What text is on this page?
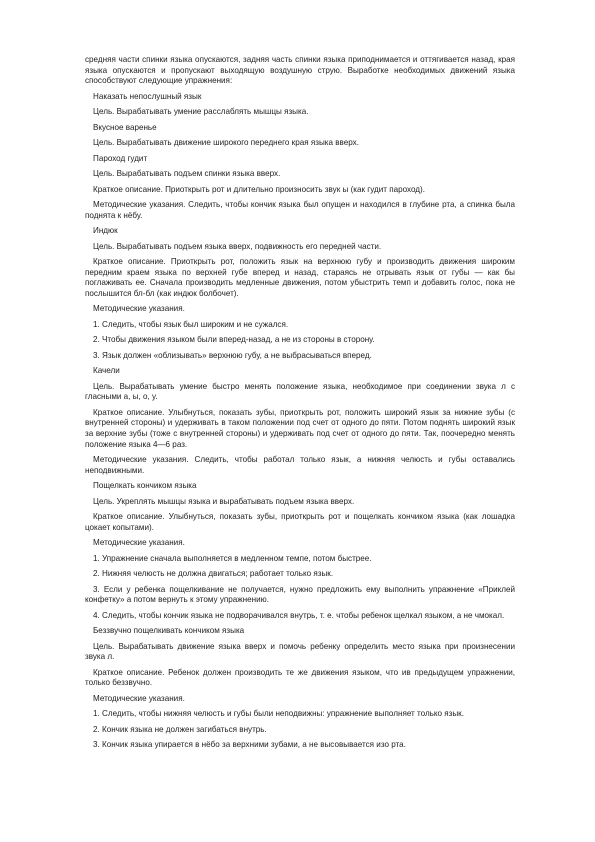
средняя части спинки языка опускаются, задняя часть спинки языка приподнимается и оттягивается назад, края языка опускаются и пропускают выходящую воздушную струю. Выработке необходимых движений языка способствуют следующие упражнения:

Наказать непослушный язык

Цель. Вырабатывать умение расслаблять мышцы языка.

Вкусное варенье

Цель. Вырабатывать движение широкого переднего края языка вверх.

Пароход гудит

Цель. Вырабатывать подъем спинки языка вверх.

Краткое описание. Приоткрыть рот и длительно произносить звук ы (как гудит пароход).

Методические указания. Следить, чтобы кончик языка был опущен и находился в глубине рта, а спинка была поднята к нёбу.

Индюк

Цель. Вырабатывать подъем языка вверх, подвижность его передней части.

Краткое описание. Приоткрыть рот, положить язык на верхнюю губу и производить движения широким передним краем языка по верхней губе вперед и назад, стараясь не отрывать язык от губы — как бы поглаживать ее. Сначала производить медленные движения, потом убыстрить темп и добавить голос, пока не послышится бл-бл (как индюк болбочет).

Методические указания.

1. Следить, чтобы язык был широким и не сужался.

2. Чтобы движения языком были вперед-назад, а не из стороны в сторону.

3. Язык должен «облизывать» верхнюю губу, а не выбрасываться вперед.

Качели

Цель. Вырабатывать умение быстро менять положение языка, необходимое при соединении звука л с гласными а, ы, о, у.

Краткое описание. Улыбнуться, показать зубы, приоткрыть рот, положить широкий язык за нижние зубы (с внутренней стороны) и удерживать в таком положении под счет от одного до пяти. Потом поднять широкий язык за верхние зубы (тоже с внутренней стороны) и удерживать под счет от одного до пяти. Так, поочередно менять положение языка 4—6 раз.

Методические указания. Следить, чтобы работал только язык, а нижняя челюсть и губы оставались неподвижными.

Пощелкать кончиком языка

Цель. Укреплять мышцы языка и вырабатывать подъем языка вверх.

Краткое описание. Улыбнуться, показать зубы, приоткрыть рот и пощелкать кончиком языка (как лошадка цокает копытами).

Методические указания.

1. Упражнение сначала выполняется в медленном темпе, потом быстрее.

2. Нижняя челюсть не должна двигаться; работает только язык.

3. Если у ребенка пощелкивание не получается, нужно предложить ему выполнить упражнение «Приклей конфетку» а потом вернуть к этому упражнению.

4. Следить, чтобы кончик языка не подворачивался внутрь, т. е. чтобы ребенок щелкал языком, а не чмокал.

Беззвучно пощелкивать кончиком языка

Цель. Вырабатывать движение языка вверх и помочь ребенку определить место языка при произнесении звука л.

Краткое описание. Ребенок должен производить те же движения языком, что ив предыдущем упражнении, только беззвучно.

Методические указания.

1. Следить, чтобы нижняя челюсть и губы были неподвижны: упражнение выполняет только язык.

2. Кончик языка не должен загибаться внутрь.

3. Кончик языка упирается в нёбо за верхними зубами, а не высовывается изо рта.
